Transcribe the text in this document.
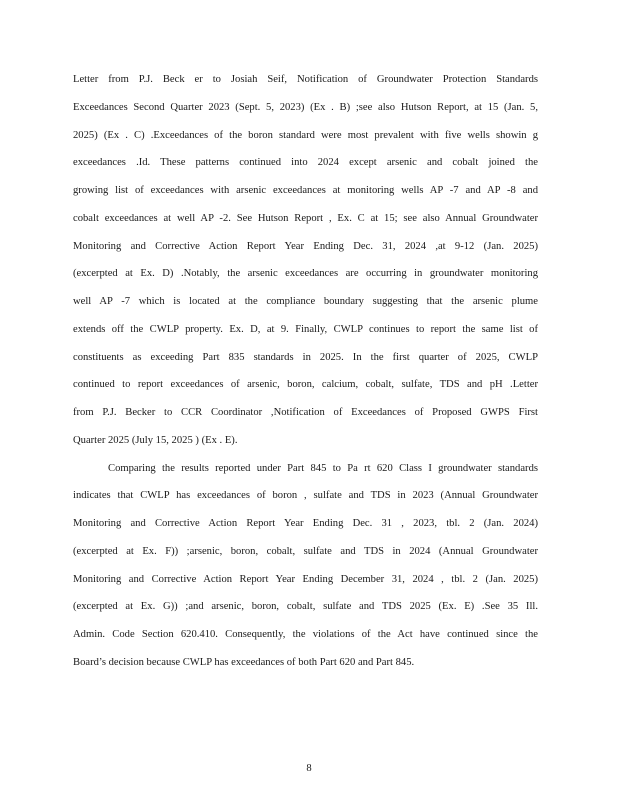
Letter from P.J. Beck er to Josiah Seif, Notification of Groundwater Protection Standards
Exceedances Second Quarter 2023 (Sept. 5, 2023) (Ex . B) ;see also Hutson Report, at 15 (Jan. 5,
2025) (Ex . C) .Exceedances of the boron standard were most prevalent with five wells showin g
exceedances .Id. These patterns continued into 2024 except arsenic and cobalt joined the
growing list of exceedances with arsenic exceedances at monitoring wells AP -7 and AP -8 and
cobalt exceedances at well AP -2. See Hutson Report , Ex. C at 15; see also Annual Groundwater
Monitoring and Corrective Action Report Year Ending Dec. 31, 2024 ,at 9-12 (Jan. 2025)
(excerpted at Ex. D) .Notably, the arsenic exceedances are occurring in groundwater monitoring
well AP -7 which is located at the compliance boundary suggesting that the arsenic plume
extends off the CWLP property. Ex. D, at 9. Finally, CWLP continues to report the same list of
constituents as exceeding Part 835 standards in 2025. In the first quarter of 2025, CWLP
continued to report exceedances of arsenic, boron, calcium, cobalt, sulfate, TDS and pH .Letter
from P.J. Becker to CCR Coordinator ,Notification of Exceedances of Proposed GWPS First
Quarter 2025 (July 15, 2025 ) (Ex . E).
Comparing the results reported under Part 845 to Pa rt 620 Class I groundwater standards
indicates that CWLP has exceedances of boron , sulfate and TDS in 2023 (Annual Groundwater
Monitoring and Corrective Action Report Year Ending Dec. 31 , 2023, tbl. 2 (Jan. 2024)
(excerpted at Ex. F)) ;arsenic, boron, cobalt, sulfate and TDS in 2024 (Annual Groundwater
Monitoring and Corrective Action Report Year Ending December 31, 2024 , tbl. 2 (Jan. 2025)
(excerpted at Ex. G)) ;and arsenic, boron, cobalt, sulfate and TDS 2025 (Ex. E) .See 35 Ill.
Admin. Code Section 620.410. Consequently, the violations of the Act have continued since the
Board’s decision because CWLP has exceedances of both Part 620 and Part 845.
8
